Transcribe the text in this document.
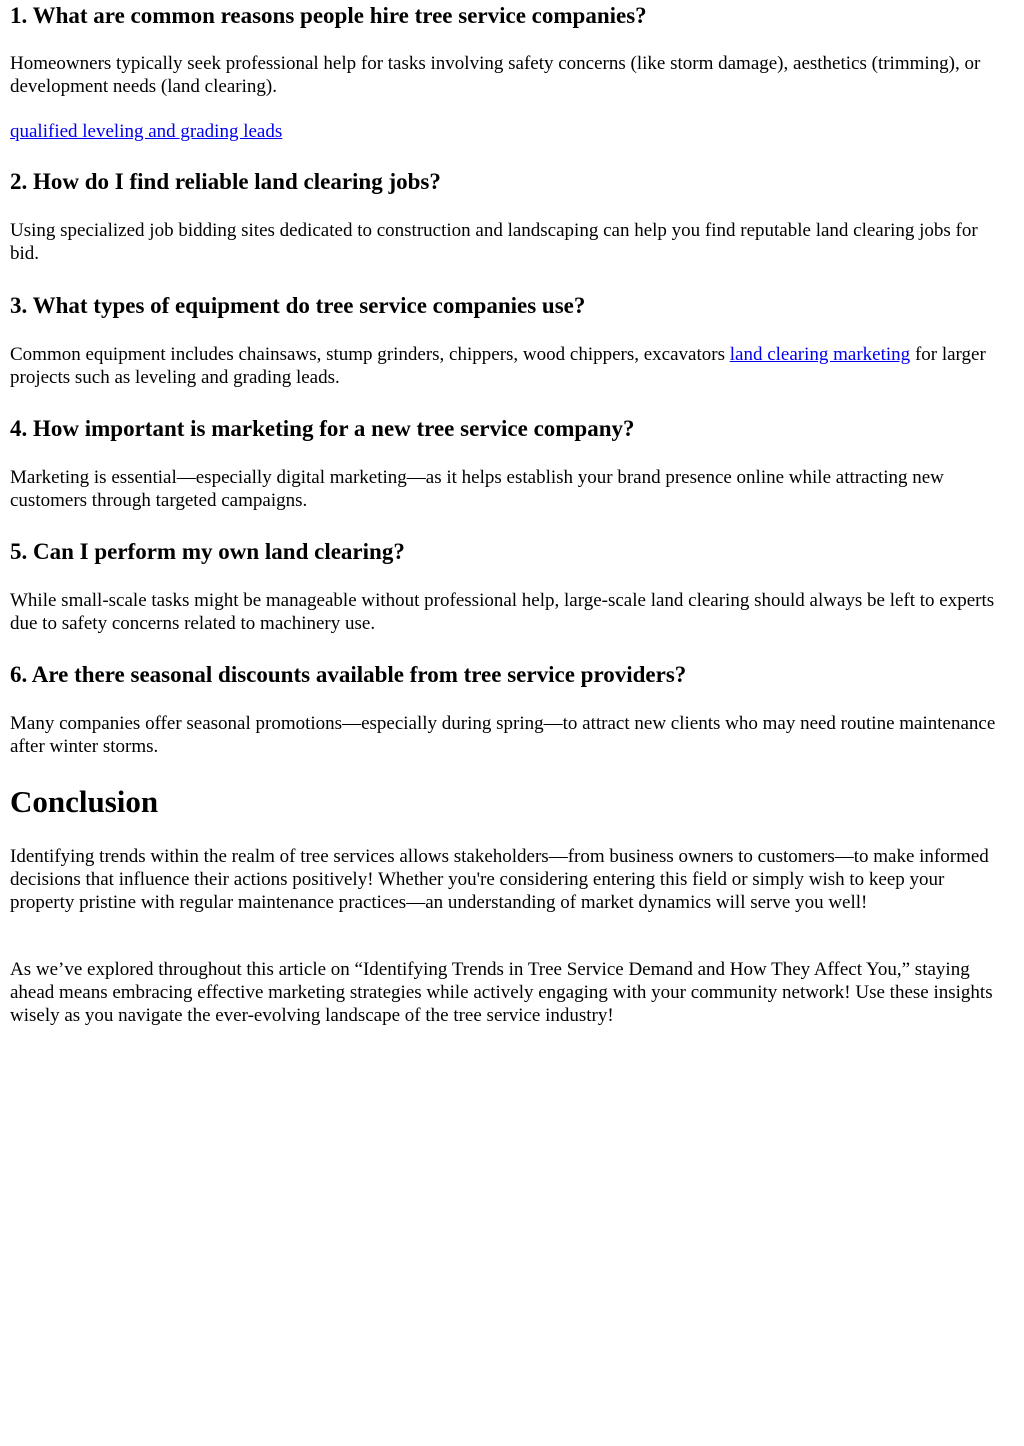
1. What are common reasons people hire tree service companies?

Homeowners typically seek professional help for tasks involving safety concerns (like storm damage), aesthetics (trimming), or development needs (land clearing).

qualified leveling and grading leads

2. How do I find reliable land clearing jobs?

Using specialized job bidding sites dedicated to construction and landscaping can help you find reputable land clearing jobs for bid.

3. What types of equipment do tree service companies use?

Common equipment includes chainsaws, stump grinders, chippers, wood chippers, excavators land clearing marketing for larger projects such as leveling and grading leads.

4. How important is marketing for a new tree service company?

Marketing is essential—especially digital marketing—as it helps establish your brand presence online while attracting new customers through targeted campaigns.

5. Can I perform my own land clearing?

While small-scale tasks might be manageable without professional help, large-scale land clearing should always be left to experts due to safety concerns related to machinery use.

6. Are there seasonal discounts available from tree service providers?

Many companies offer seasonal promotions—especially during spring—to attract new clients who may need routine maintenance after winter storms.

Conclusion

Identifying trends within the realm of tree services allows stakeholders—from business owners to customers—to make informed decisions that influence their actions positively! Whether you're considering entering this field or simply wish to keep your property pristine with regular maintenance practices—an understanding of market dynamics will serve you well!

As we’ve explored throughout this article on “Identifying Trends in Tree Service Demand and How They Affect You,” staying ahead means embracing effective marketing strategies while actively engaging with your community network! Use these insights wisely as you navigate the ever-evolving landscape of the tree service industry!
